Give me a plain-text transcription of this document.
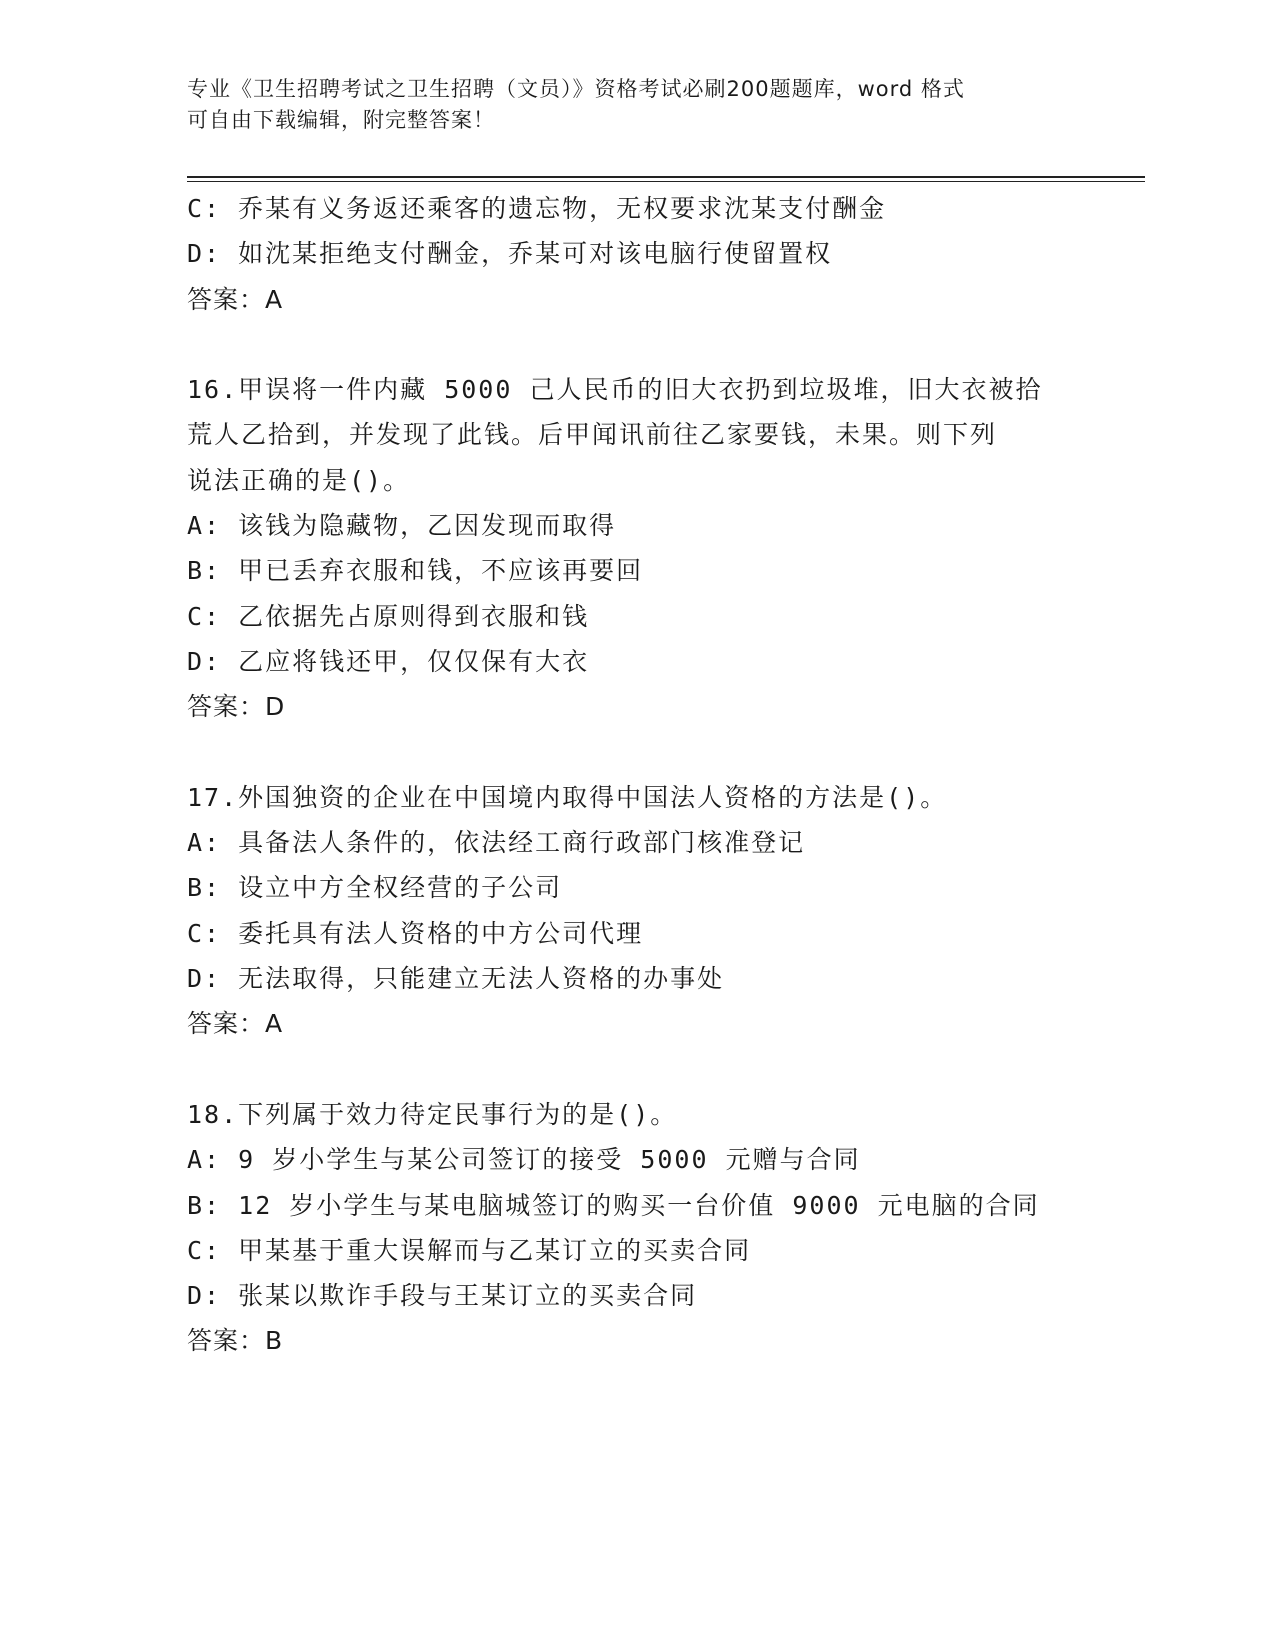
专业《卫生招聘考试之卫生招聘（文员）》资格考试必刷200题题库，word 格式
可自由下载编辑，附完整答案！
C: 乔某有义务返还乘客的遗忘物，无权要求沈某支付酬金
D: 如沈某拒绝支付酬金，乔某可对该电脑行使留置权
答案：A
16.甲误将一件内藏 5000 己人民币的旧大衣扔到垃圾堆，旧大衣被拾
荒人乙拾到，并发现了此钱。后甲闻讯前往乙家要钱，未果。则下列
说法正确的是()。
A: 该钱为隐藏物，乙因发现而取得
B: 甲已丢弃衣服和钱，不应该再要回
C: 乙依据先占原则得到衣服和钱
D: 乙应将钱还甲，仅仅保有大衣
答案：D
17.外国独资的企业在中国境内取得中国法人资格的方法是()。
A: 具备法人条件的，依法经工商行政部门核准登记
B: 设立中方全权经营的子公司
C: 委托具有法人资格的中方公司代理
D: 无法取得，只能建立无法人资格的办事处
答案：A
18.下列属于效力待定民事行为的是()。
A: 9 岁小学生与某公司签订的接受 5000 元赠与合同
B: 12 岁小学生与某电脑城签订的购买一台价值 9000 元电脑的合同
C: 甲某基于重大误解而与乙某订立的买卖合同
D: 张某以欺诈手段与王某订立的买卖合同
答案：B
